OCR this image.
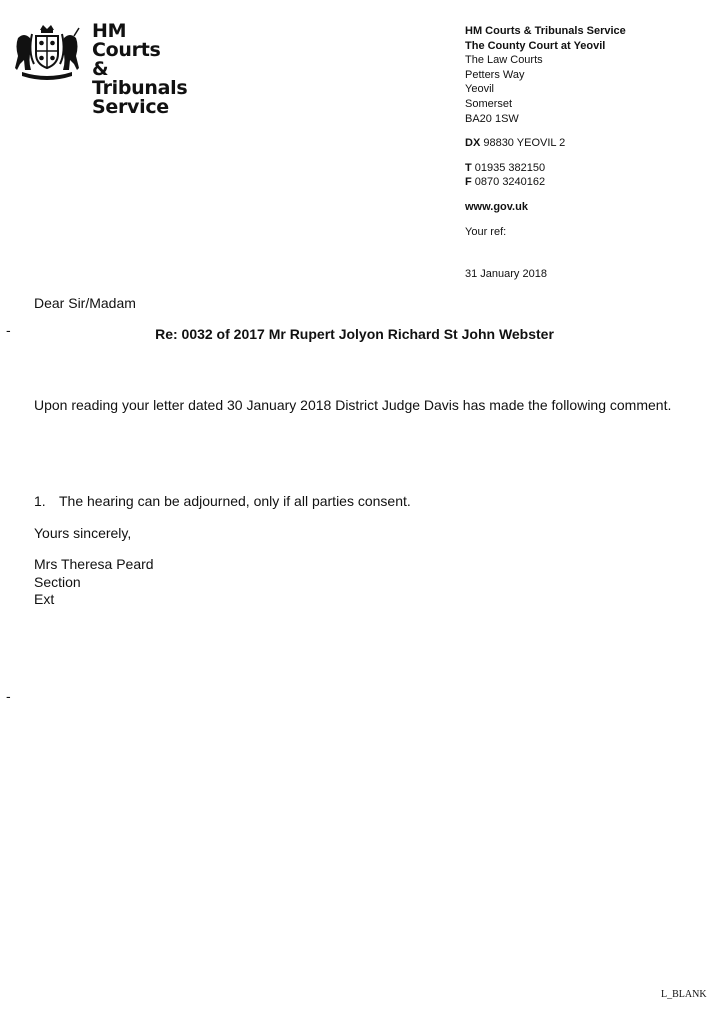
HM Courts
& Tribunals
Service
HM Courts & Tribunals Service
The County Court at Yeovil
The Law Courts
Petters Way
Yeovil
Somerset
BA20 1SW
DX 98830 YEOVIL 2
T 01935 382150
F 0870 3240162
www.gov.uk
Your ref:
31 January 2018
Dear Sir/Madam
-	Re: 0032 of 2017 Mr Rupert Jolyon Richard St John Webster
Upon reading your letter dated 30 January 2018 District Judge Davis has made the following comment.
1. The hearing can be adjourned, only if all parties consent.
Yours sincerely,
Mrs Theresa Peard
Section
Ext
-
L_BLANK
